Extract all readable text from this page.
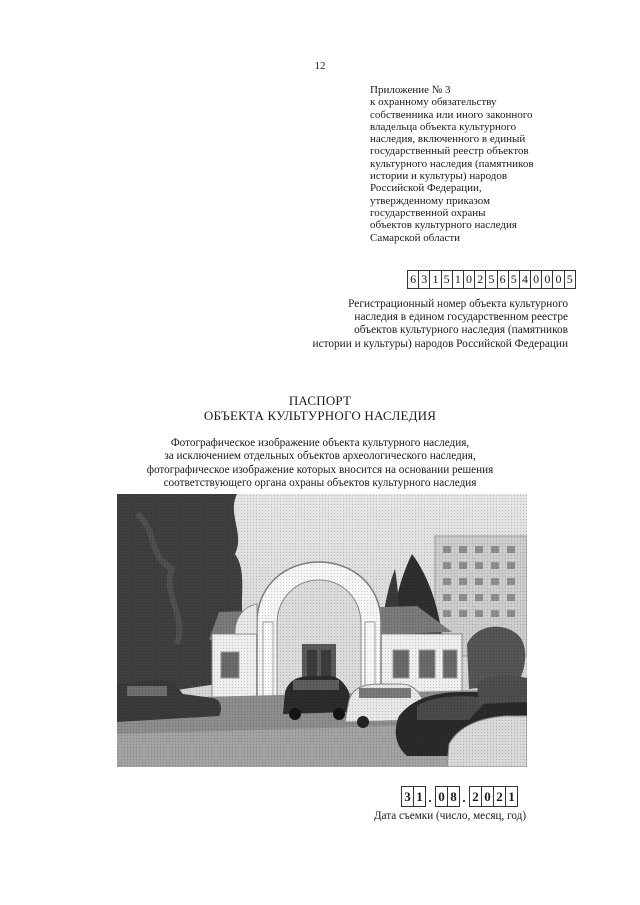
12
Приложение № 3
к охранному обязательству
собственника или иного законного
владельца объекта культурного
наследия, включенного в единый
государственный реестр объектов
культурного наследия (памятников
истории и культуры) народов
Российской Федерации,
утвержденному приказом
государственной охраны
объектов культурного наследия
Самарской области
6 3 1 5 1 0 2 5 6 5 4 0 0 0 5
Регистрационный номер объекта культурного
наследия в едином государственном реестре
объектов культурного наследия (памятников
истории и культуры) народов Российской Федерации
ПАСПОРТ
ОБЪЕКТА КУЛЬТУРНОГО НАСЛЕДИЯ
Фотографическое изображение объекта культурного наследия,
за исключением отдельных объектов археологического наследия,
фотографическое изображение которых вносится на основании решения
соответствующего органа охраны объектов культурного наследия
3 1 . 0 8 . 2 0 2 1
Дата съемки (число, месяц, год)
